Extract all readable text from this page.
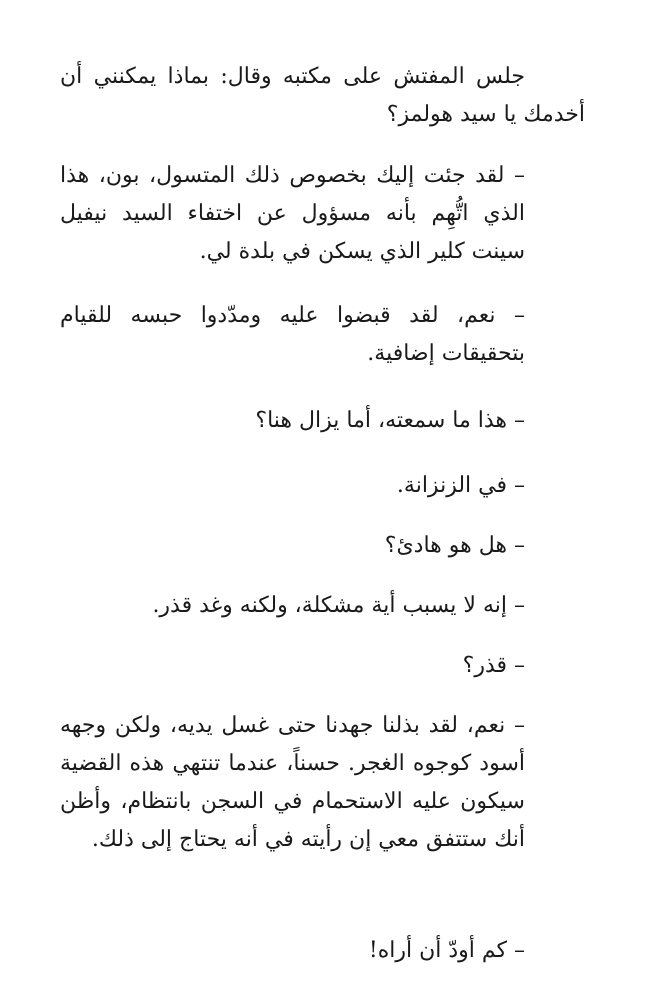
جلس المفتش على مكتبه وقال: بماذا يمكنني أن أخدمك يا سيد هولمز؟

– لقد جئت إليك بخصوص ذلك المتسول، بون، هذا الذي اتُّهِم بأنه مسؤول عن اختفاء السيد نيفيل سينت كلير الذي يسكن في بلدة لي.

– نعم، لقد قبضوا عليه ومدّدوا حبسه للقيام بتحقيقات إضافية.

– هذا ما سمعته، أما يزال هنا؟

– في الزنزانة.

– هل هو هادئ؟

– إنه لا يسبب أية مشكلة، ولكنه وغد قذر.

– قذر؟

– نعم، لقد بذلنا جهدنا حتى غسل يديه، ولكن وجهه أسود كوجوه الغجر. حسناً، عندما تنتهي هذه القضية سيكون عليه الاستحمام في السجن بانتظام، وأظن أنك ستتفق معي إن رأيته في أنه يحتاج إلى ذلك.

– كم أودّ أن أراه!
